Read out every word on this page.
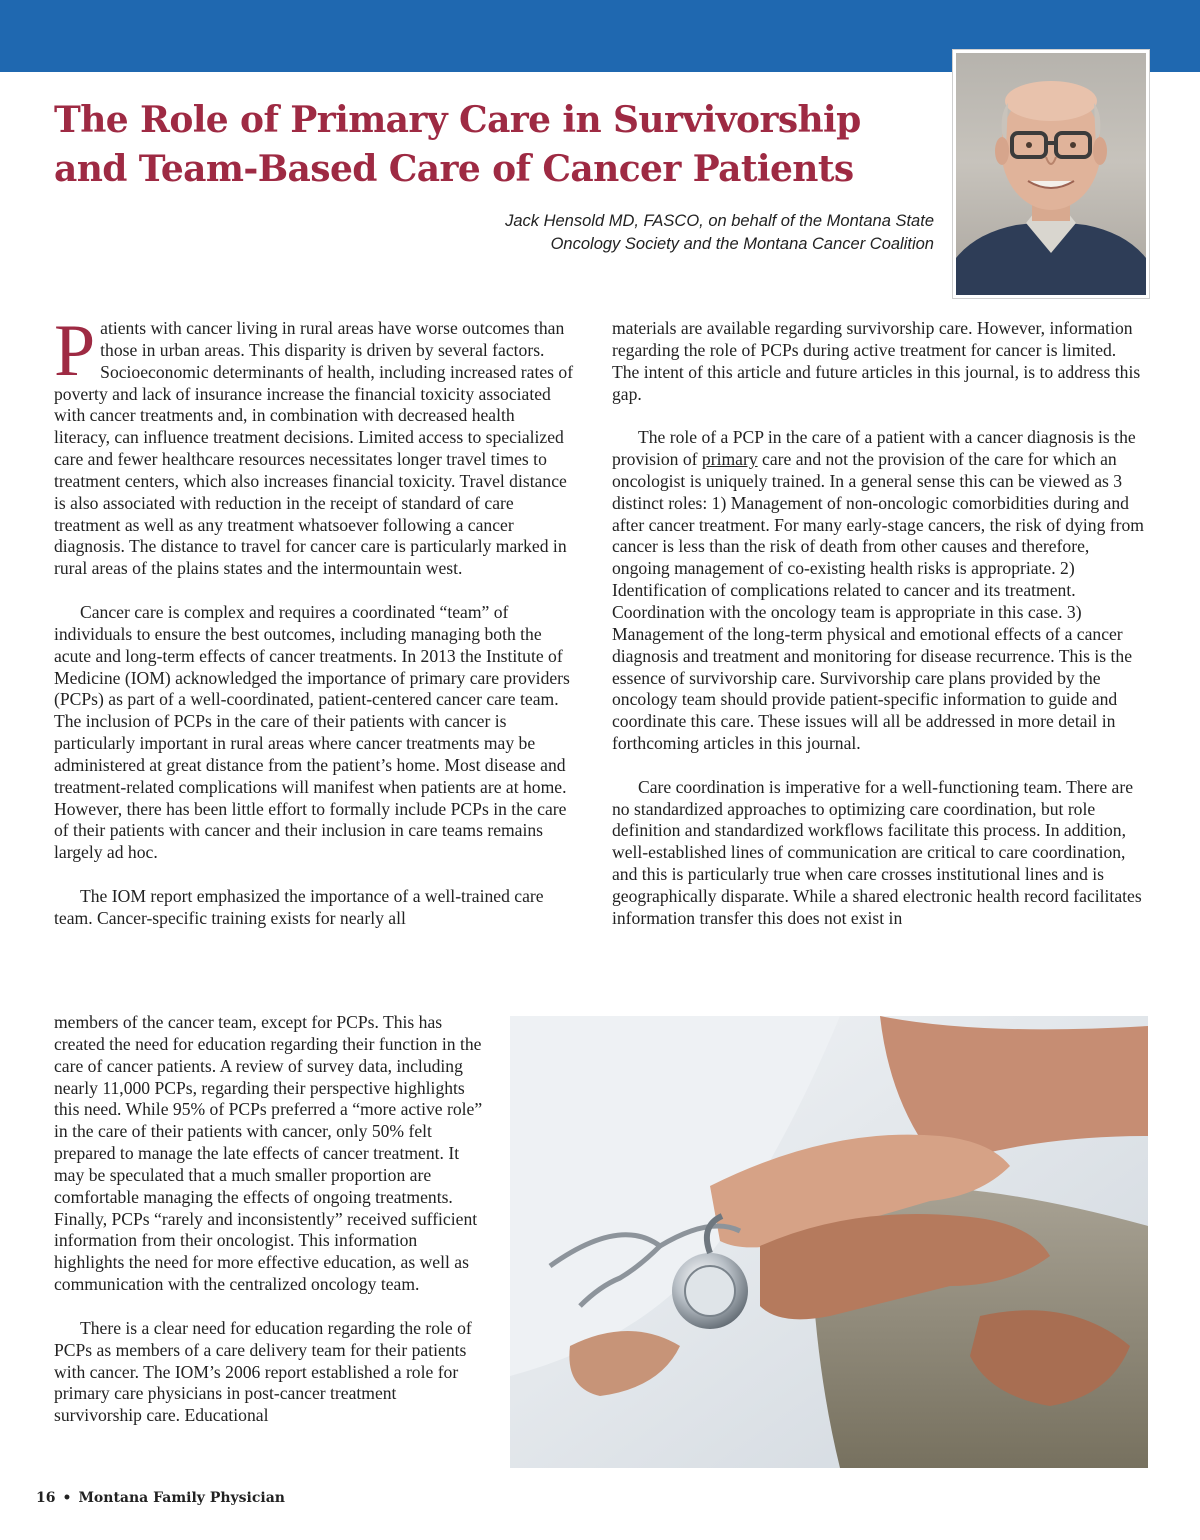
The Role of Primary Care in Survivorship
and Team-Based Care of Cancer Patients

Jack Hensold MD, FASCO, on behalf of the Montana State
Oncology Society and the Montana Cancer Coalition

Patients with cancer living in rural areas have worse outcomes than those in urban areas. This disparity is driven by several factors. Socioeconomic determinants of health, including increased rates of poverty and lack of insurance increase the financial toxicity associated with cancer treatments and, in combination with decreased health literacy, can influence treatment decisions. Limited access to specialized care and fewer healthcare resources necessitates longer travel times to treatment centers, which also increases financial toxicity. Travel distance is also associated with reduction in the receipt of standard of care treatment as well as any treatment whatsoever following a cancer diagnosis. The distance to travel for cancer care is particularly marked in rural areas of the plains states and the intermountain west.

Cancer care is complex and requires a coordinated “team” of individuals to ensure the best outcomes, including managing both the acute and long-term effects of cancer treatments. In 2013 the Institute of Medicine (IOM) acknowledged the importance of primary care providers (PCPs) as part of a well-coordinated, patient-centered cancer care team. The inclusion of PCPs in the care of their patients with cancer is particularly important in rural areas where cancer treatments may be administered at great distance from the patient’s home. Most disease and treatment-related complications will manifest when patients are at home. However, there has been little effort to formally include PCPs in the care of their patients with cancer and their inclusion in care teams remains largely ad hoc.

The IOM report emphasized the importance of a well-trained care team. Cancer-specific training exists for nearly all

members of the cancer team, except for PCPs. This has created the need for education regarding their function in the care of cancer patients. A review of survey data, including nearly 11,000 PCPs, regarding their perspective highlights this need. While 95% of PCPs preferred a “more active role” in the care of their patients with cancer, only 50% felt prepared to manage the late effects of cancer treatment. It may be speculated that a much smaller proportion are comfortable managing the effects of ongoing treatments. Finally, PCPs “rarely and inconsistently” received sufficient information from their oncologist. This information highlights the need for more effective education, as well as communication with the centralized oncology team.

There is a clear need for education regarding the role of PCPs as members of a care delivery team for their patients with cancer. The IOM’s 2006 report established a role for primary care physicians in post-cancer treatment survivorship care. Educational

materials are available regarding survivorship care. However, information regarding the role of PCPs during active treatment for cancer is limited. The intent of this article and future articles in this journal, is to address this gap.

The role of a PCP in the care of a patient with a cancer diagnosis is the provision of primary care and not the provision of the care for which an oncologist is uniquely trained. In a general sense this can be viewed as 3 distinct roles: 1) Management of non-oncologic comorbidities during and after cancer treatment. For many early-stage cancers, the risk of dying from cancer is less than the risk of death from other causes and therefore, ongoing management of co-existing health risks is appropriate. 2) Identification of complications related to cancer and its treatment. Coordination with the oncology team is appropriate in this case. 3) Management of the long-term physical and emotional effects of a cancer diagnosis and treatment and monitoring for disease recurrence. This is the essence of survivorship care. Survivorship care plans provided by the oncology team should provide patient-specific information to guide and coordinate this care. These issues will all be addressed in more detail in forthcoming articles in this journal.

Care coordination is imperative for a well-functioning team. There are no standardized approaches to optimizing care coordination, but role definition and standardized workflows facilitate this process. In addition, well-established lines of communication are critical to care coordination, and this is particularly true when care crosses institutional lines and is geographically disparate. While a shared electronic health record facilitates information transfer this does not exist in

16 • Montana Family Physician
